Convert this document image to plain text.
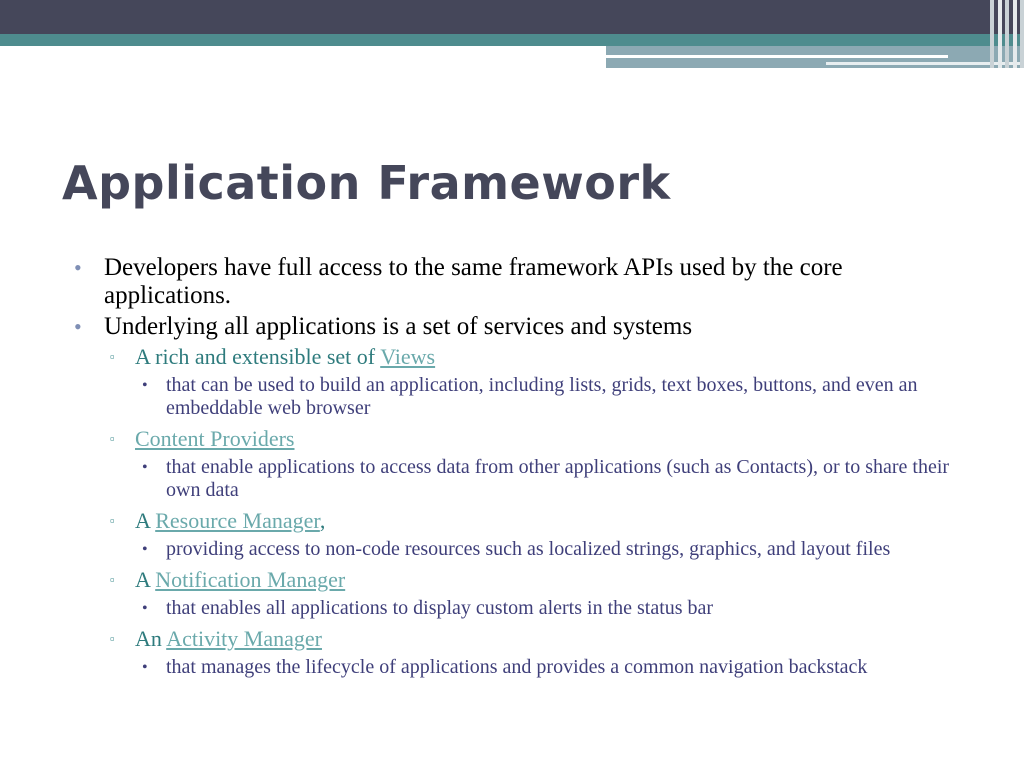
Application Framework
• Developers have full access to the same framework APIs used by the core applications.
• Underlying all applications is a set of services and systems
▫ A rich and extensible set of Views
• that can be used to build an application, including lists, grids, text boxes, buttons, and even an embeddable web browser
▫ Content Providers
• that enable applications to access data from other applications (such as Contacts), or to share their own data
▫ A Resource Manager,
• providing access to non-code resources such as localized strings, graphics, and layout files
▫ A Notification Manager
• that enables all applications to display custom alerts in the status bar
▫ An Activity Manager
• that manages the lifecycle of applications and provides a common navigation backstack
